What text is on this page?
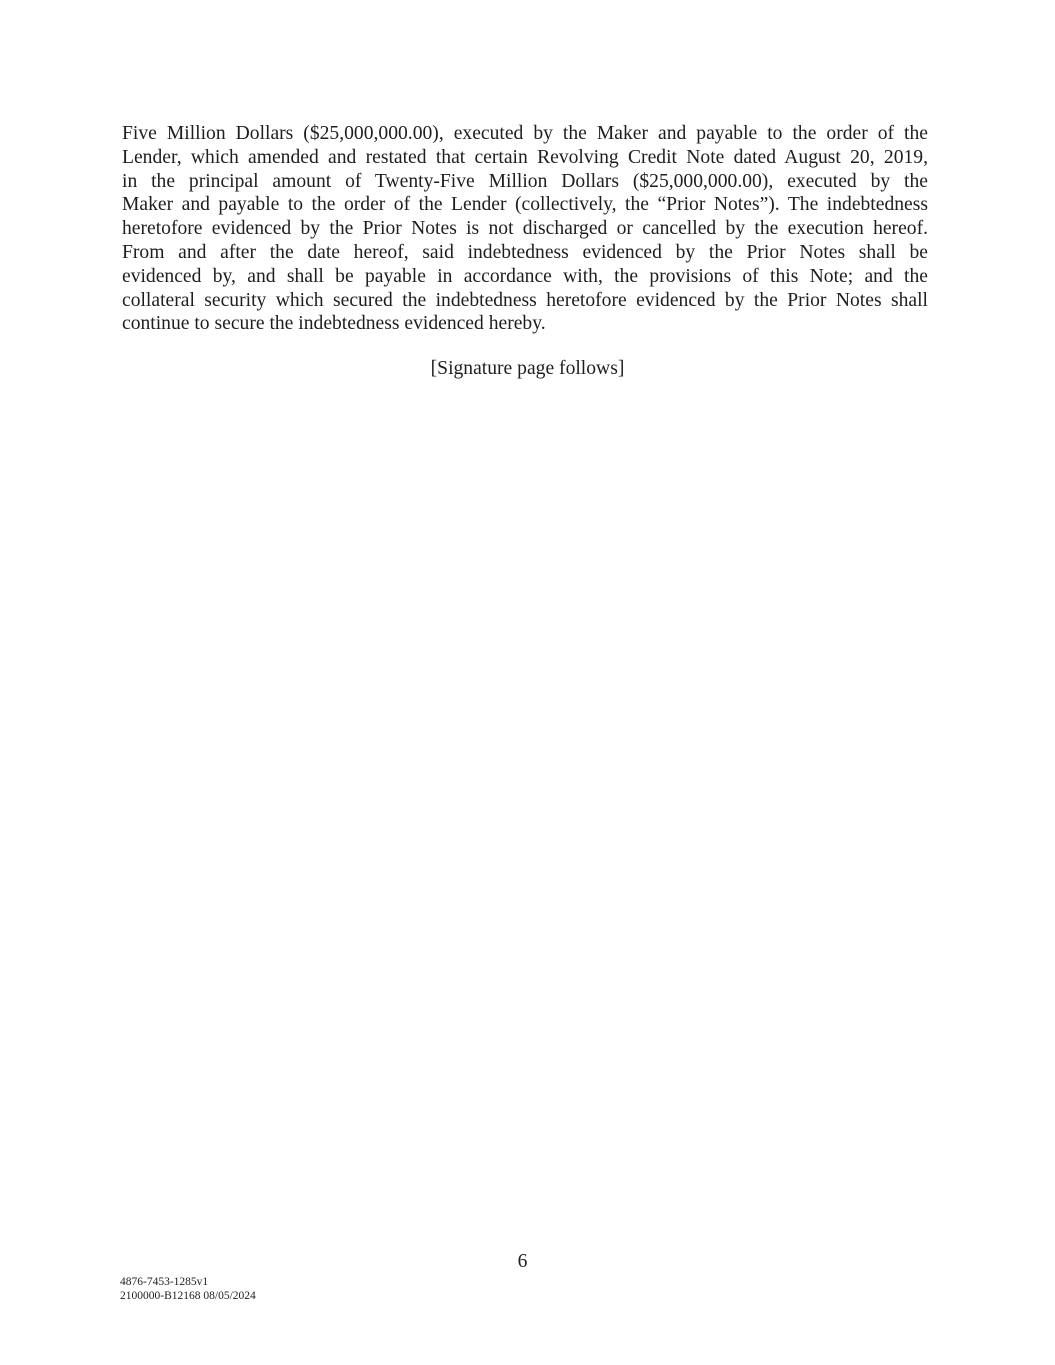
Five Million Dollars ($25,000,000.00), executed by the Maker and payable to the order of the
Lender, which amended and restated that certain Revolving Credit Note dated August 20, 2019,
in the principal amount of Twenty-Five Million Dollars ($25,000,000.00), executed by the
Maker and payable to the order of the Lender (collectively, the “Prior Notes”). The indebtedness
heretofore evidenced by the Prior Notes is not discharged or cancelled by the execution hereof.
From and after the date hereof, said indebtedness evidenced by the Prior Notes shall be
evidenced by, and shall be payable in accordance with, the provisions of this Note; and the
collateral security which secured the indebtedness heretofore evidenced by the Prior Notes shall
continue to secure the indebtedness evidenced hereby.
[Signature page follows]
6
4876-7453-1285v1
2100000-B12168 08/05/2024
